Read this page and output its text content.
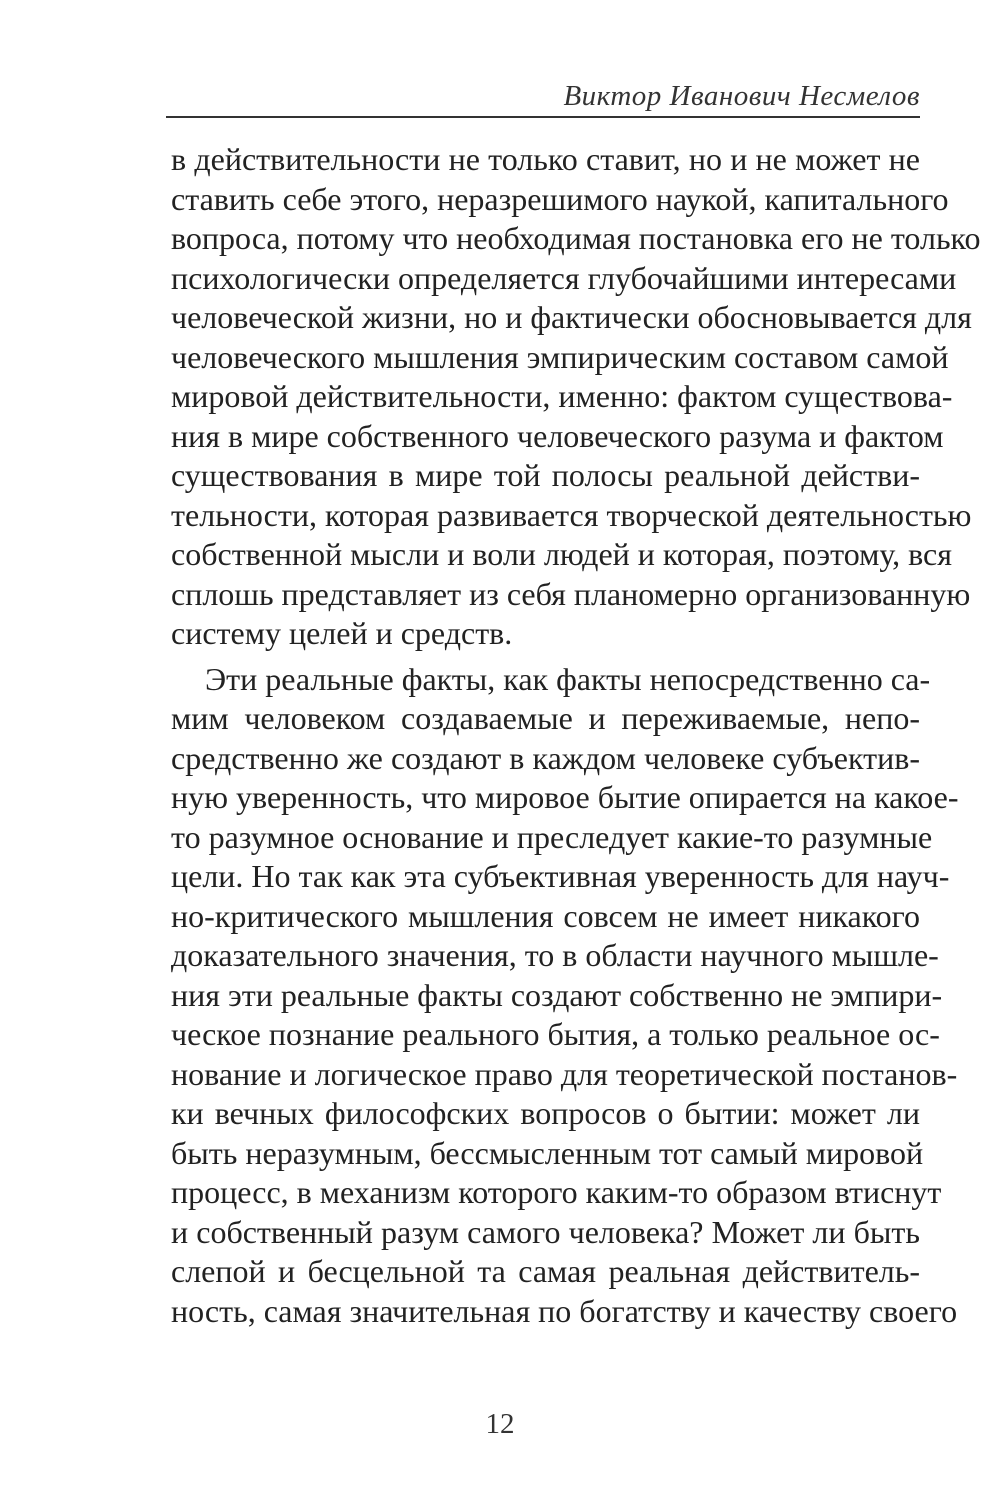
Виктор Иванович Несмелов
в действительности не только ставит, но и не может не
ставить себе этого, неразрешимого наукой, капитального
вопроса, потому что необходимая постановка его не только
психологически определяется глубочайшими интересами
человеческой жизни, но и фактически обосновывается для
человеческого мышления эмпирическим составом самой
мировой действительности, именно: фактом существова-
ния в мире собственного человеческого разума и фактом
существования в мире той полосы реальной действи-
тельности, которая развивается творческой деятельностью
собственной мысли и воли людей и которая, поэтому, вся
сплошь представляет из себя планомерно организованную
систему целей и средств.
Эти реальные факты, как факты непосредственно са-
мим человеком создаваемые и переживаемые, непо-
средственно же создают в каждом человеке субъектив-
ную уверенность, что мировое бытие опирается на какое-
то разумное основание и преследует какие-то разумные
цели. Но так как эта субъективная уверенность для науч-
но-критического мышления совсем не имеет никакого
доказательного значения, то в области научного мышле-
ния эти реальные факты создают собственно не эмпири-
ческое познание реального бытия, а только реальное ос-
нование и логическое право для теоретической постанов-
ки вечных философских вопросов о бытии: может ли
быть неразумным, бессмысленным тот самый мировой
процесс, в механизм которого каким-то образом втиснут
и собственный разум самого человека? Может ли быть
слепой и бесцельной та самая реальная действитель-
ность, самая значительная по богатству и качеству своего
12
